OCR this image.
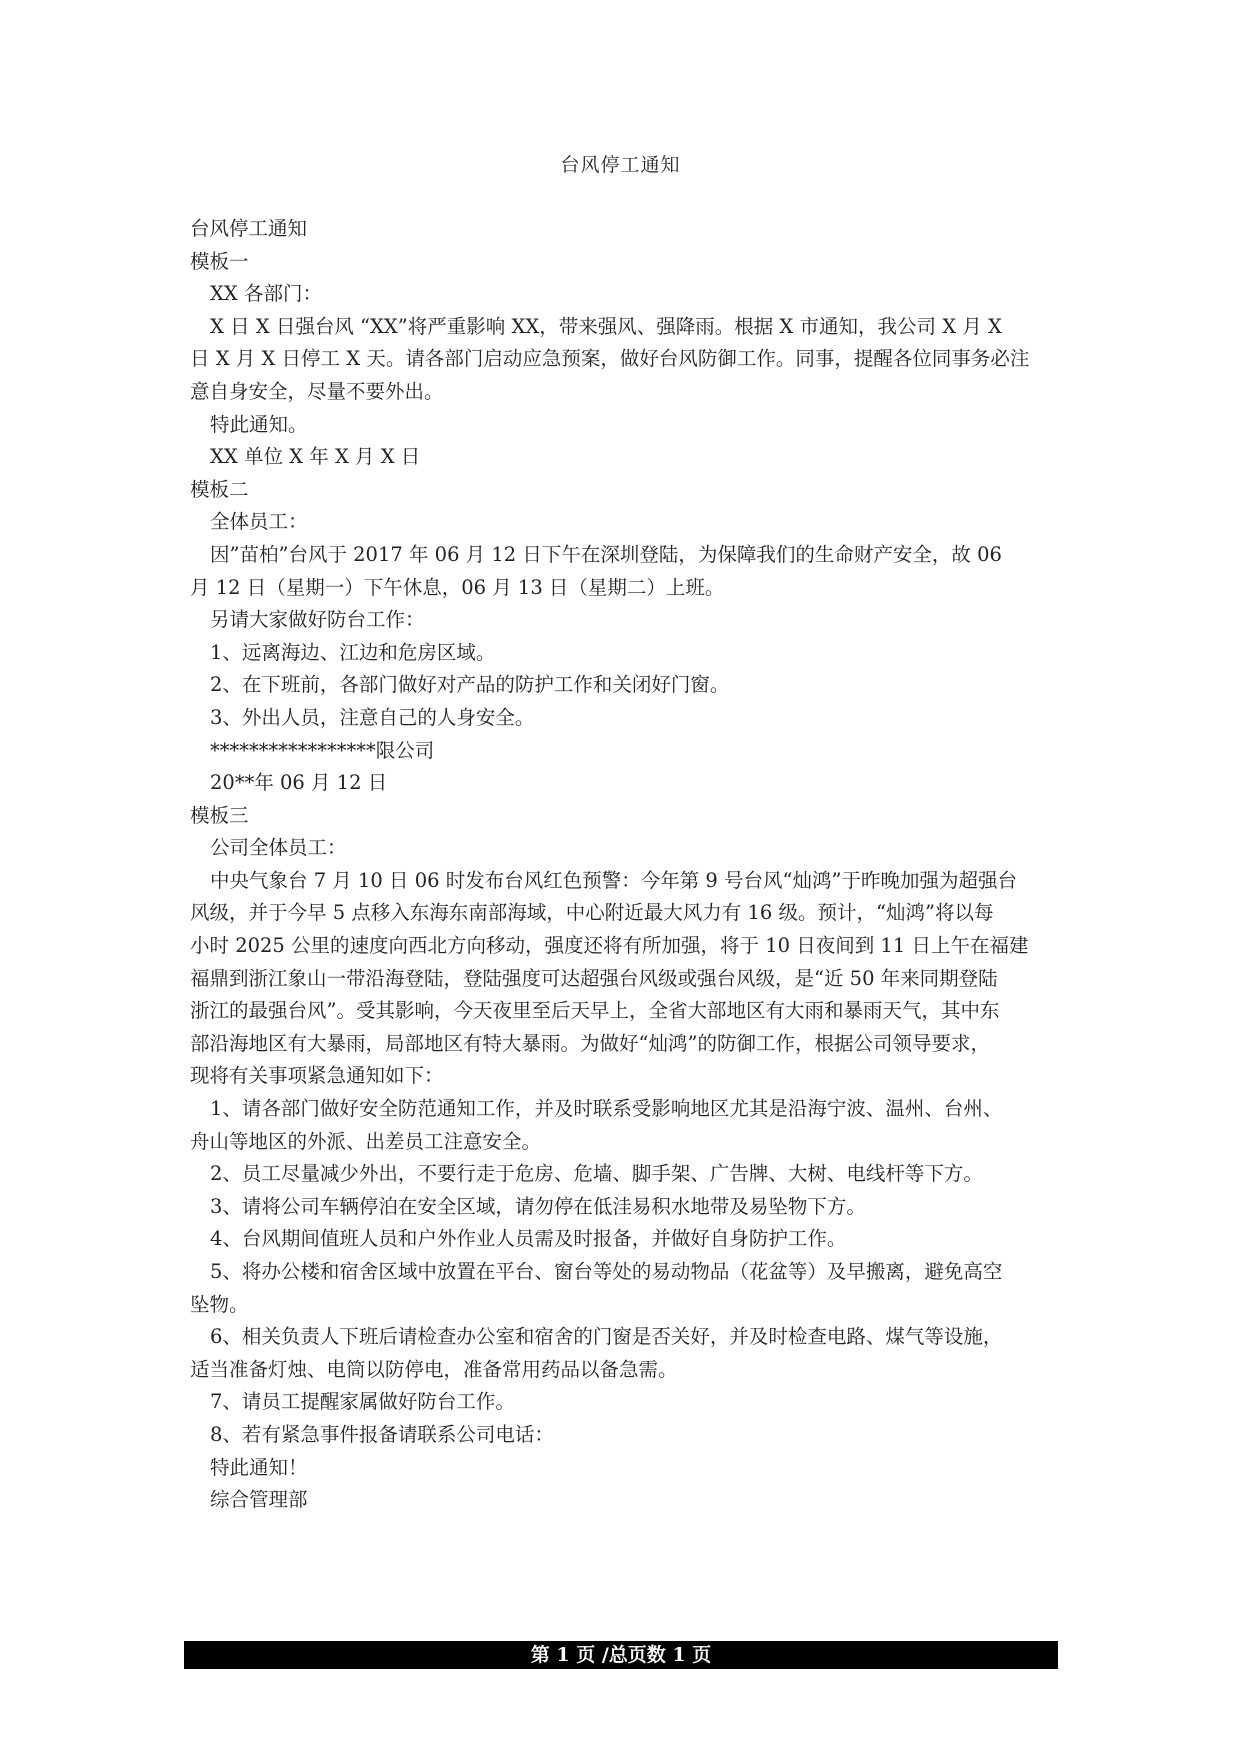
台风停工通知

台风停工通知

模板一

XX 各部门：

X 日 X 日强台风 “XX”将严重影响 XX，带来强风、强降雨。根据 X 市通知，我公司 X 月 X

日 X 月 X 日停工 X 天。请各部门启动应急预案，做好台风防御工作。同事，提醒各位同事务必注

意自身安全，尽量不要外出。

特此通知。

XX 单位 X 年 X 月 X 日

模板二

全体员工：

因”苗柏”台风于 2017 年 06 月 12 日下午在深圳登陆，为保障我们的生命财产安全，故 06

月 12 日（星期一）下午休息，06 月 13 日（星期二）上班。

另请大家做好防台工作：

1、远离海边、江边和危房区域。

2、在下班前，各部门做好对产品的防护工作和关闭好门窗。

3、外出人员，注意自己的人身安全。

*****************限公司

20**年 06 月 12 日

模板三

公司全体员工：

中央气象台 7 月 10 日 06 时发布台风红色预警：今年第 9 号台风“灿鸿”于昨晚加强为超强台

风级，并于今早 5 点移入东海东南部海域，中心附近最大风力有 16 级。预计，“灿鸿”将以每

小时 2025 公里的速度向西北方向移动，强度还将有所加强，将于 10 日夜间到 11 日上午在福建

福鼎到浙江象山一带沿海登陆，登陆强度可达超强台风级或强台风级，是“近 50 年来同期登陆

浙江的最强台风”。受其影响，今天夜里至后天早上，全省大部地区有大雨和暴雨天气，其中东

部沿海地区有大暴雨，局部地区有特大暴雨。为做好“灿鸿”的防御工作，根据公司领导要求，

现将有关事项紧急通知如下：

1、请各部门做好安全防范通知工作，并及时联系受影响地区尤其是沿海宁波、温州、台州、

舟山等地区的外派、出差员工注意安全。

2、员工尽量减少外出，不要行走于危房、危墙、脚手架、广告牌、大树、电线杆等下方。

3、请将公司车辆停泊在安全区域，请勿停在低洼易积水地带及易坠物下方。

4、台风期间值班人员和户外作业人员需及时报备，并做好自身防护工作。

5、将办公楼和宿舍区域中放置在平台、窗台等处的易动物品（花盆等）及早搬离，避免高空

坠物。

6、相关负责人下班后请检查办公室和宿舍的门窗是否关好，并及时检查电路、煤气等设施，

适当准备灯烛、电筒以防停电，准备常用药品以备急需。

7、请员工提醒家属做好防台工作。

8、若有紧急事件报备请联系公司电话：

特此通知！

综合管理部

第 1 页 /总页数 1 页
